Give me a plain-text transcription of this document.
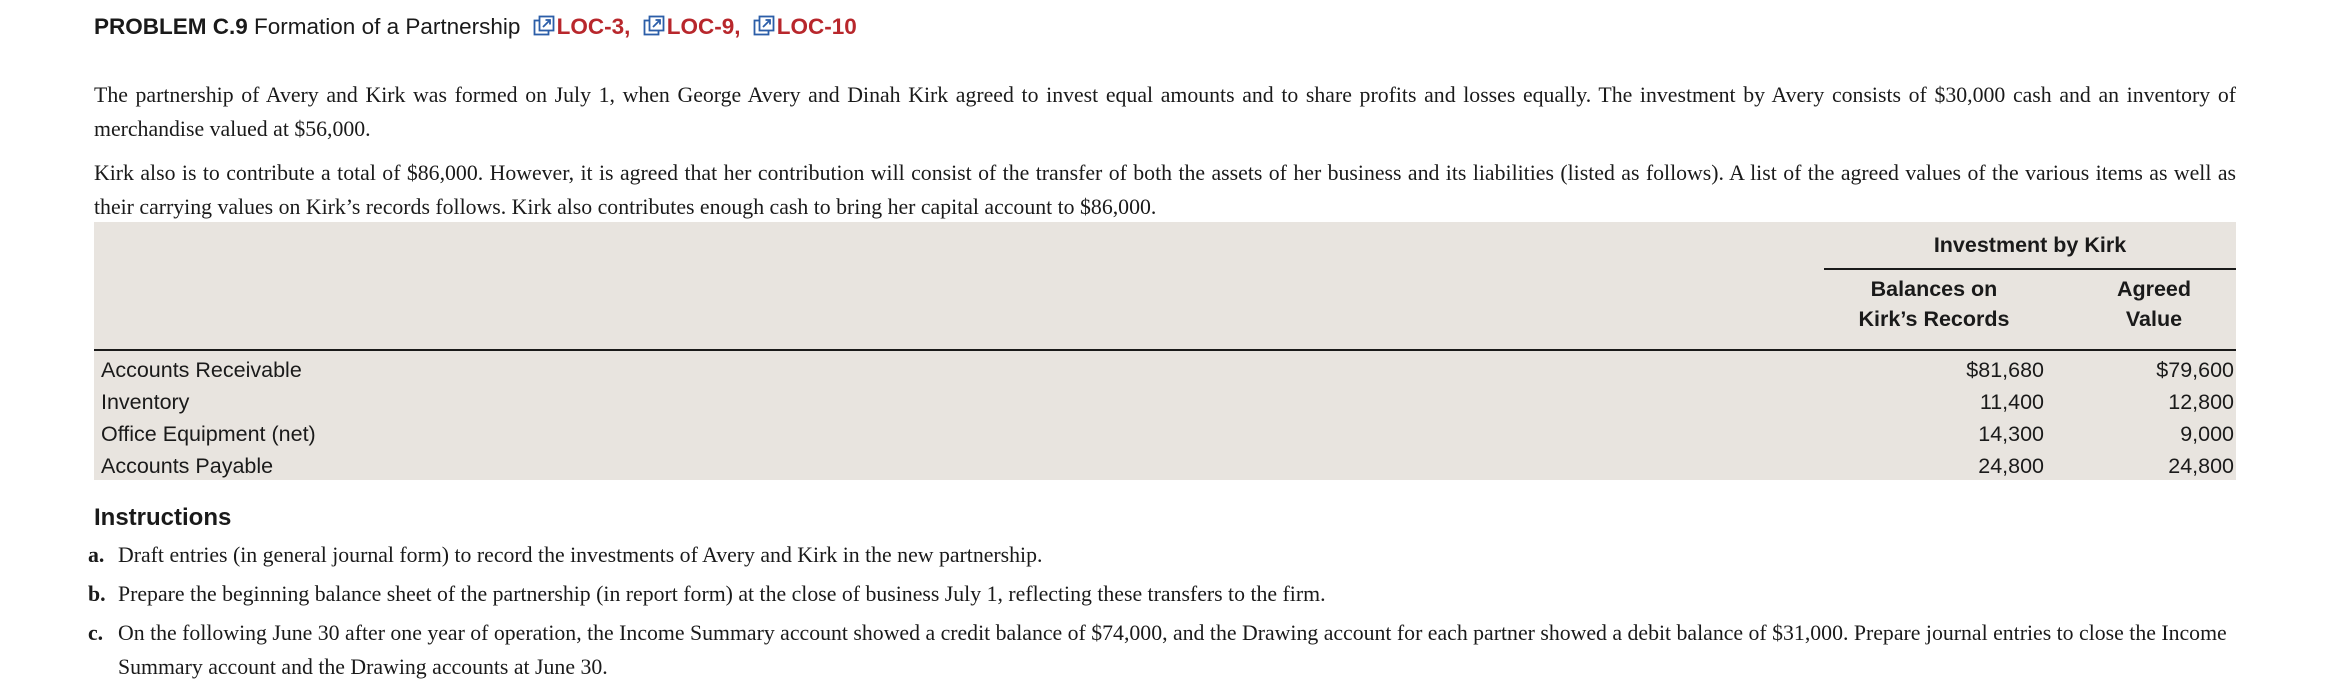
PROBLEM C.9 Formation of a Partnership LOC-3, LOC-9, LOC-10

The partnership of Avery and Kirk was formed on July 1, when George Avery and Dinah Kirk agreed to invest equal amounts and to share profits and losses equally. The investment by Avery consists of $30,000 cash and an inventory of merchandise valued at $56,000.

Kirk also is to contribute a total of $86,000. However, it is agreed that her contribution will consist of the transfer of both the assets of her business and its liabilities (listed as follows). A list of the agreed values of the various items as well as their carrying values on Kirk’s records follows. Kirk also contributes enough cash to bring her capital account to $86,000.

Investment by Kirk
Balances on
Kirk’s Records
Agreed
Value
Accounts Receivable	$81,680	$79,600
Inventory	11,400	12,800
Office Equipment (net)	14,300	9,000
Accounts Payable	24,800	24,800
Instructions
a. Draft entries (in general journal form) to record the investments of Avery and Kirk in the new partnership.
b. Prepare the beginning balance sheet of the partnership (in report form) at the close of business July 1, reflecting these transfers to the firm.
c. On the following June 30 after one year of operation, the Income Summary account showed a credit balance of $74,000, and the Drawing account for each partner showed a debit balance of $31,000. Prepare journal entries to close the Income Summary account and the Drawing accounts at June 30.
